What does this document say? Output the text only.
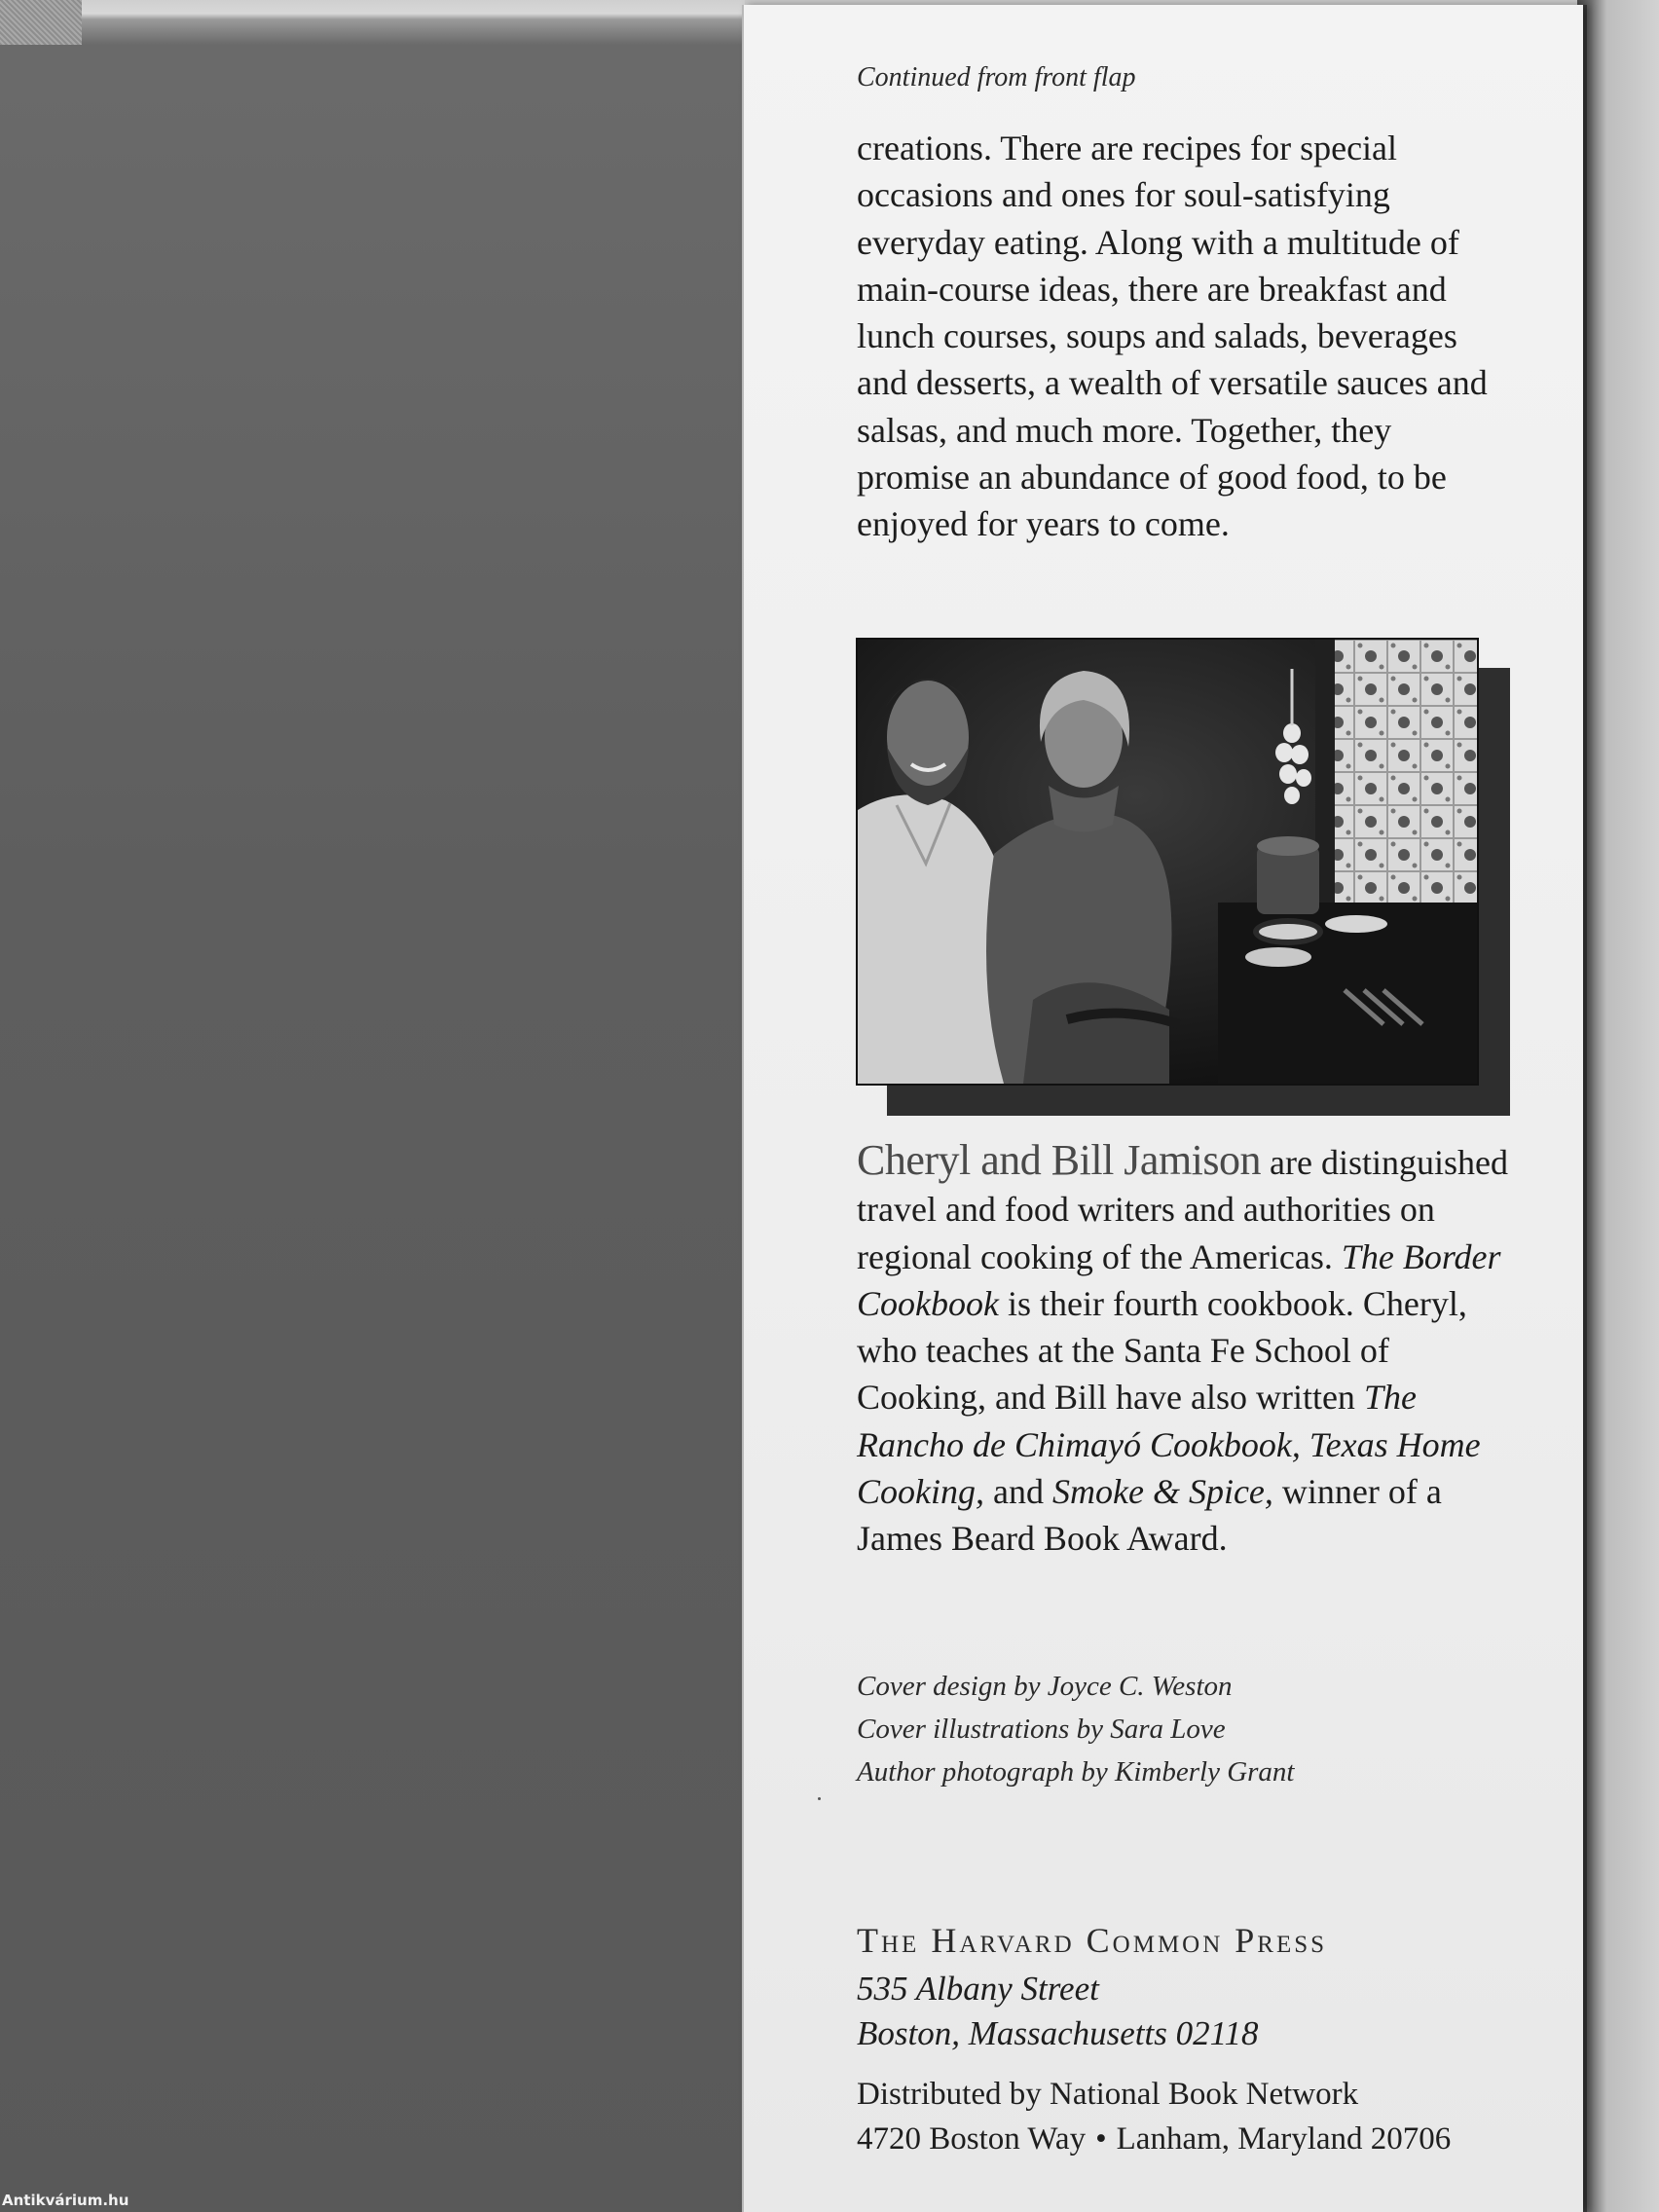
Antikvárium.hu
Continued from front flap
creations. There are recipes for special occasions and ones for soul-satisfying everyday eating. Along with a multitude of main-course ideas, there are breakfast and lunch courses, soups and salads, beverages and desserts, a wealth of versatile sauces and salsas, and much more. Together, they promise an abundance of good food, to be enjoyed for years to come.
Cheryl and Bill Jamison are distinguished travel and food writers and authorities on regional cooking of the Americas. The Border Cookbook is their fourth cookbook. Cheryl, who teaches at the Santa Fe School of Cooking, and Bill have also written The Rancho de Chimayó Cookbook, Texas Home Cooking, and Smoke & Spice, winner of a James Beard Book Award.
Cover design by Joyce C. Weston
Cover illustrations by Sara Love
Author photograph by Kimberly Grant
The Harvard Common Press
535 Albany Street
Boston, Massachusetts 02118
Distributed by National Book Network
4720 Boston Way • Lanham, Maryland 20706
